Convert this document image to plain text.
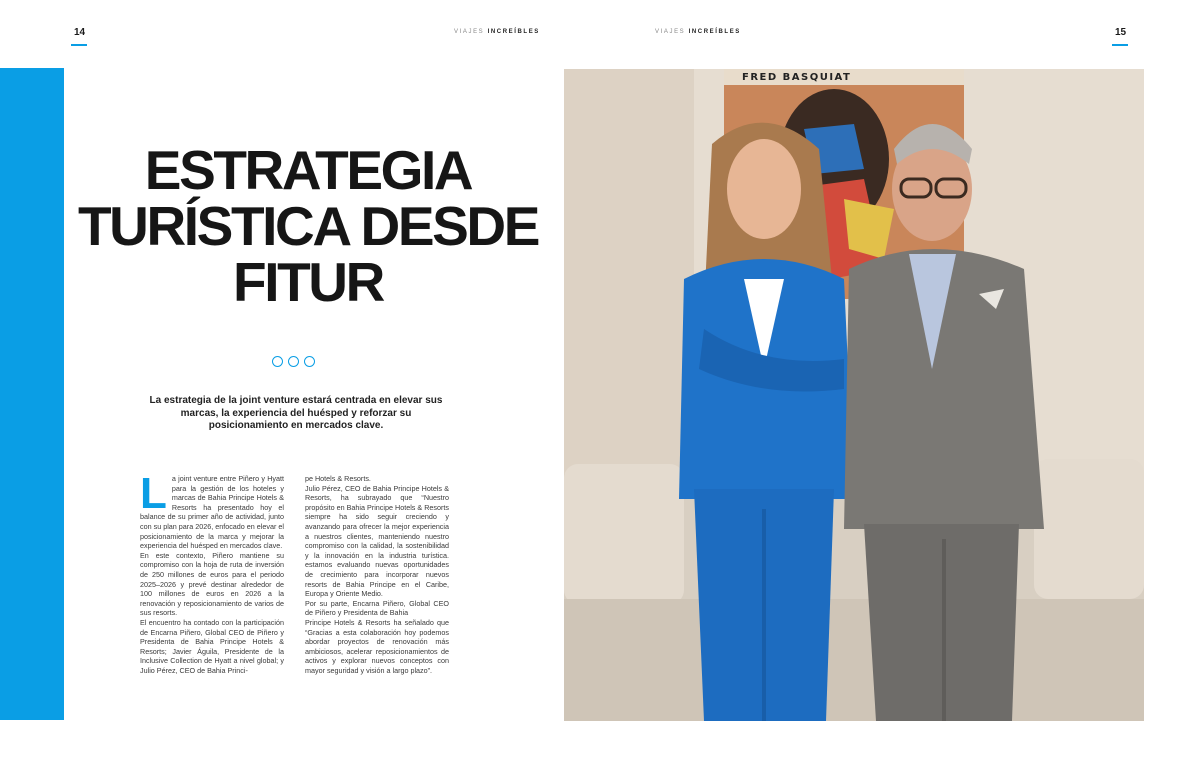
14	15
VIAJES INCREÍBLES	VIAJES INCREÍBLES
ESTRATEGIA
TURÍSTICA DESDE
FITUR

La estrategia de la joint venture estará centrada en elevar sus marcas, la experiencia del huésped y reforzar su posicionamiento en mercados clave.

La joint venture entre Piñero y Hyatt para la gestión de los hoteles y marcas de Bahia Principe Hotels & Resorts ha presentado hoy el balance de su primer año de actividad, junto con su plan para 2026, enfocado en elevar el posicionamiento de la marca y mejorar la experiencia del huésped en mercados clave.

En este contexto, Piñero mantiene su compromiso con la hoja de ruta de inversión de 250 millones de euros para el periodo 2025–2026 y prevé destinar alrededor de 100 millones de euros en 2026 a la renovación y reposicionamiento de varios de sus resorts.

El encuentro ha contado con la participación de Encarna Piñero, Global CEO de Piñero y Presidenta de Bahia Principe Hotels & Resorts; Javier Águila, Presidente de la Inclusive Collection de Hyatt a nivel global; y Julio Pérez, CEO de Bahia Princi-

pe Hotels & Resorts.

Julio Pérez, CEO de Bahia Principe Hotels & Resorts, ha subrayado que “Nuestro propósito en Bahia Principe Hotels & Resorts siempre ha sido seguir creciendo y avanzando para ofrecer la mejor experiencia a nuestros clientes, manteniendo nuestro compromiso con la calidad, la sostenibilidad y la innovación en la industria turística. estamos evaluando nuevas oportunidades de crecimiento para incorporar nuevos resorts de Bahia Principe en el Caribe, Europa y Oriente Medio.

Por su parte, Encarna Piñero, Global CEO de Piñero y Presidenta de Bahia

Principe Hotels & Resorts ha señalado que “Gracias a esta colaboración hoy podemos abordar proyectos de renovación más ambiciosos, acelerar reposicionamientos de activos y explorar nuevos conceptos con mayor seguridad y visión a largo plazo”.

FRED BASQUIAT
